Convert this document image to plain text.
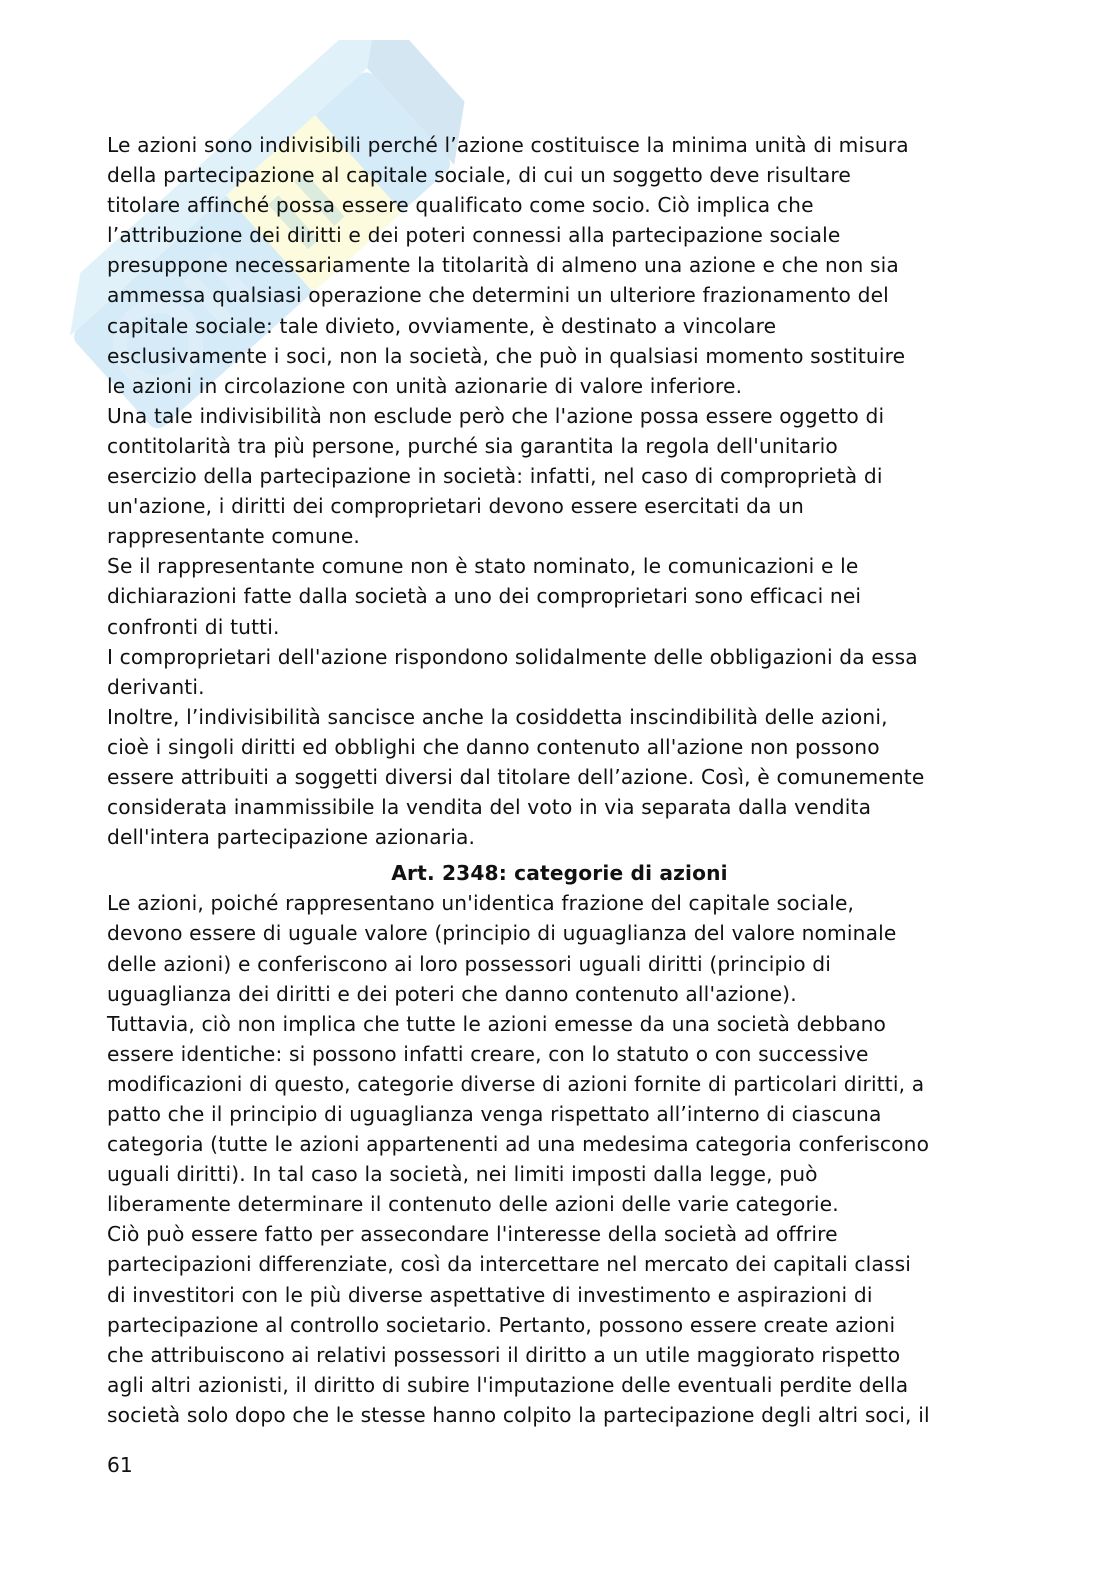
Le azioni sono indivisibili perché l’azione costituisce la minima unità di misura
della partecipazione al capitale sociale, di cui un soggetto deve risultare
titolare affinché possa essere qualificato come socio. Ciò implica che
l’attribuzione dei diritti e dei poteri connessi alla partecipazione sociale
presuppone necessariamente la titolarità di almeno una azione e che non sia
ammessa qualsiasi operazione che determini un ulteriore frazionamento del
capitale sociale: tale divieto, ovviamente, è destinato a vincolare
esclusivamente i soci, non la società, che può in qualsiasi momento sostituire
le azioni in circolazione con unità azionarie di valore inferiore.
Una tale indivisibilità non esclude però che l'azione possa essere oggetto di
contitolarità tra più persone, purché sia garantita la regola dell'unitario
esercizio della partecipazione in società: infatti, nel caso di comproprietà di
un'azione, i diritti dei comproprietari devono essere esercitati da un
rappresentante comune.
Se il rappresentante comune non è stato nominato, le comunicazioni e le
dichiarazioni fatte dalla società a uno dei comproprietari sono efficaci nei
confronti di tutti.
I comproprietari dell'azione rispondono solidalmente delle obbligazioni da essa
derivanti.
Inoltre, l’indivisibilità sancisce anche la cosiddetta inscindibilità delle azioni,
cioè i singoli diritti ed obblighi che danno contenuto all'azione non possono
essere attribuiti a soggetti diversi dal titolare dell’azione. Così, è comunemente
considerata inammissibile la vendita del voto in via separata dalla vendita
dell'intera partecipazione azionaria.
Art. 2348: categorie di azioni
Le azioni, poiché rappresentano un'identica frazione del capitale sociale,
devono essere di uguale valore (principio di uguaglianza del valore nominale
delle azioni) e conferiscono ai loro possessori uguali diritti (principio di
uguaglianza dei diritti e dei poteri che danno contenuto all'azione).
Tuttavia, ciò non implica che tutte le azioni emesse da una società debbano
essere identiche: si possono infatti creare, con lo statuto o con successive
modificazioni di questo, categorie diverse di azioni fornite di particolari diritti, a
patto che il principio di uguaglianza venga rispettato all’interno di ciascuna
categoria (tutte le azioni appartenenti ad una medesima categoria conferiscono
uguali diritti). In tal caso la società, nei limiti imposti dalla legge, può
liberamente determinare il contenuto delle azioni delle varie categorie.
Ciò può essere fatto per assecondare l'interesse della società ad offrire
partecipazioni differenziate, così da intercettare nel mercato dei capitali classi
di investitori con le più diverse aspettative di investimento e aspirazioni di
partecipazione al controllo societario. Pertanto, possono essere create azioni
che attribuiscono ai relativi possessori il diritto a un utile maggiorato rispetto
agli altri azionisti, il diritto di subire l'imputazione delle eventuali perdite della
società solo dopo che le stesse hanno colpito la partecipazione degli altri soci, il
61
